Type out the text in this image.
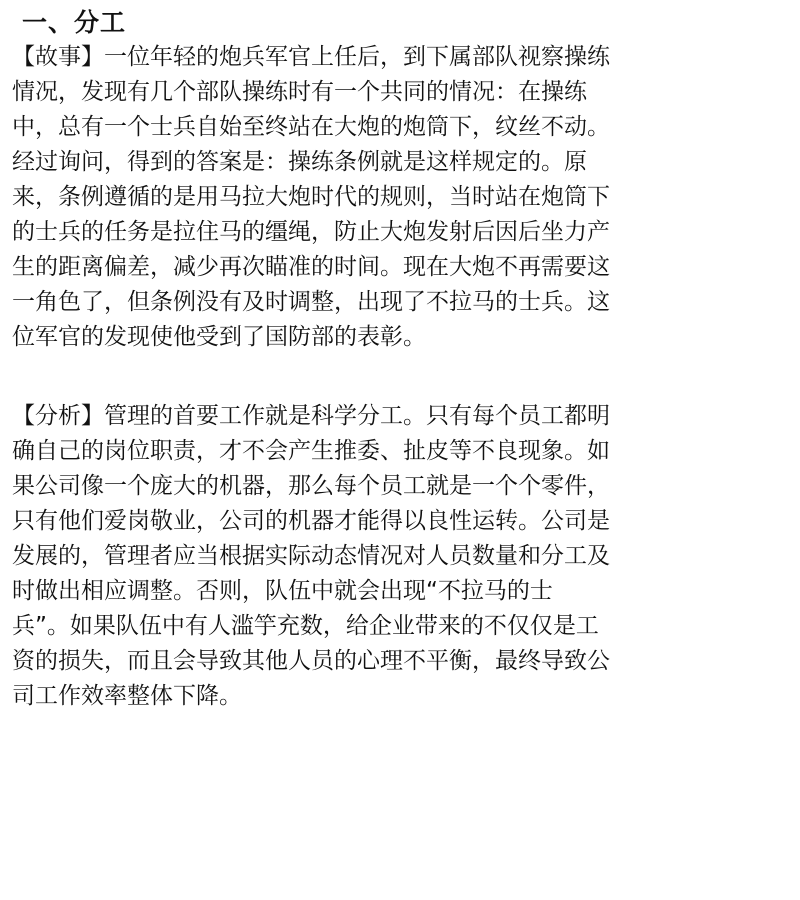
一、分工
【故事】一位年轻的炮兵军官上任后，到下属部队视察操练
情况，发现有几个部队操练时有一个共同的情况：在操练
中，总有一个士兵自始至终站在大炮的炮筒下，纹丝不动。
经过询问，得到的答案是：操练条例就是这样规定的。原
来，条例遵循的是用马拉大炮时代的规则，当时站在炮筒下
的士兵的任务是拉住马的缰绳，防止大炮发射后因后坐力产
生的距离偏差，减少再次瞄准的时间。现在大炮不再需要这
一角色了，但条例没有及时调整，出现了不拉马的士兵。这
位军官的发现使他受到了国防部的表彰。
【分析】管理的首要工作就是科学分工。只有每个员工都明
确自己的岗位职责，才不会产生推委、扯皮等不良现象。如
果公司像一个庞大的机器，那么每个员工就是一个个零件，
只有他们爱岗敬业，公司的机器才能得以良性运转。公司是
发展的，管理者应当根据实际动态情况对人员数量和分工及
时做出相应调整。否则，队伍中就会出现“不拉马的士
兵”。如果队伍中有人滥竽充数，给企业带来的不仅仅是工
资的损失，而且会导致其他人员的心理不平衡，最终导致公
司工作效率整体下降。
